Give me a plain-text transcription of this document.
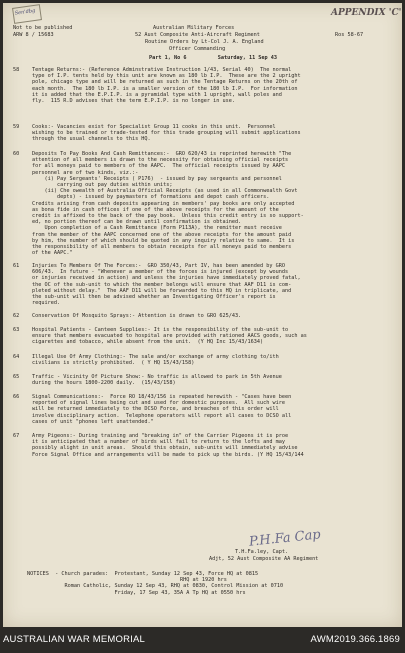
Sen'dbg	APPENDIX 'C'
Not to be published
ARW 8 / 15683
Australian Military Forces
52 Aust Composite Anti-Aircraft Regiment
Routine Orders by Lt-Col J. A. England
Officer Commanding
Part 1, No 6          Saturday, 11 Sep 43
Ros 58-67
58 Tentage Returns:- (Reference Adminstrative Instruction 1/43, Serial 40)  The normal
type of I.P. tents held by this unit are known as 180 lb I.P.  These are the 2 upright
pole, chicago type and will be returned as such in the Tentage Returns on the 20th of
each month.  The 180 lb I.P. is a smaller version of the 180 lb I.P.  For information
it is added that the E.P.I.P. is a pyramidal type with 1 upright, wall poles and
fly.  115 R.D advises that the term E.P.I.P. is no longer in use.
59 Cooks:- Vacancies exist for Specialist Group 11 cooks in this unit.  Personnel
wishing to be trained or trade-tested for this trade grouping will submit applications
through the usual channels to this HQ.
60 Deposits To Pay Books And Cash Remittances:-  GRO 620/43 is reprinted herewith "The
attention of all members is drawn to the necessity for obtaining official receipts
for all moneys paid to members of the AAPC.  The official receipts issued by AAPC
personnel are of two kinds, viz.:-
(i) Pay Sergeants' Receipts ( P176)  - issued by pay sergeants and personnel
carrying out pay duties within units;
(ii) Che owealth of Australia Official Receipts (as used in all Commonwealth Govt
depts) - issued by paymasters of formations and depot cash officers.
Credits arising from cash deposits appearing in members' pay books are only accepted
as bona fide in cash offices if one of the above receipts for the amount of the
credit is affixed to the back of the pay book.  Unless this credit entry is so support-
ed, no portion thereof can be drawn until confirmation is obtained.
Upon completion of a Cash Remittance (Form P113A), the remitter must receive
from the member of the AAPC concerned one of the above receipts for the amount paid
by him, the number of which should be quoted in any inquiry relative to same.  It is
the responsibility of all members to obtain receipts for all moneys paid to members
of the AAPC."
61 Injuries To Members Of The Forces:-  GRO 350/43, Part IV, has been amended by GRO
606/43.  In future - "Whenever a member of the forces is injured (except by wounds
or injuries received in action) and unless the injuries have immediately proved fatal,
the OC of the sub-unit to which the member belongs will ensure that AAF D11 is com-
pleted without delay."  The AAF D11 will be forwarded to this HQ in triplicate, and
the sub-unit will then be advised whether an Investigating Officer's report is
required.
62 Conservation Of Mosquito Sprays:- Attention is drawn to GRO 625/43.
63 Hospital Patients - Canteen Supplies:- It is the responsibility of the sub-unit to
ensure that members evacuated to hospital are provided with rationed AACS goods, such as
cigarettes and tobacco, while absent from the unit.  (Y HQ Inc 15/43/1634)
64 Illegal Use Of Army Clothing:- The sale and/or exchange of army clothing to/ith
civilians is strictly prohibited.  ( Y HQ 15/43/158)
65 Traffic - Vicinity Of Picture Show:- No traffic is allowed to park in 5th Avenue
during the hours 1800-2200 daily.  (15/43/158)
66 Signal Communications:-  Force RO 18/43/156 is repeated herewith - "Cases have been
reported of signal lines being cut and used for domestic purposes.  All such wire
will be returned immediately to the DCSO Force, and breaches of this order will
involve disciplinary action.  Telephone operators will report all cases to DCSO all
cases of unit "phones left unattended."
67 Army Pigeons:- During training and "breaking in" of the Carrier Pigeons it is proe
it is anticipated that a number of birds will fail to return to the lofts and may
possibly alight in unit areas.  Should this obtain, sub-units will immediately advise
Force Signal Office and arrangements will be made to pick up the birds. (Y HQ 15/43/144
P.H.Fa Cap
T.H.Fa.ley, Capt.
Adjt, 52 Aust Composite AA Regiment
NOTICES  - Church parades:  Protestant, Sunday 12 Sep 43, Force HQ at 0815
RHQ at 1920 hrs
Roman Catholic, Sunday 12 Sep 43, RHQ at 0830, Control Mission at 0710
Friday, 17 Sep 43, 35A A Tp HQ at 0550 hrs
AUSTRALIAN WAR MEMORIAL	AWM2019.366.1869
